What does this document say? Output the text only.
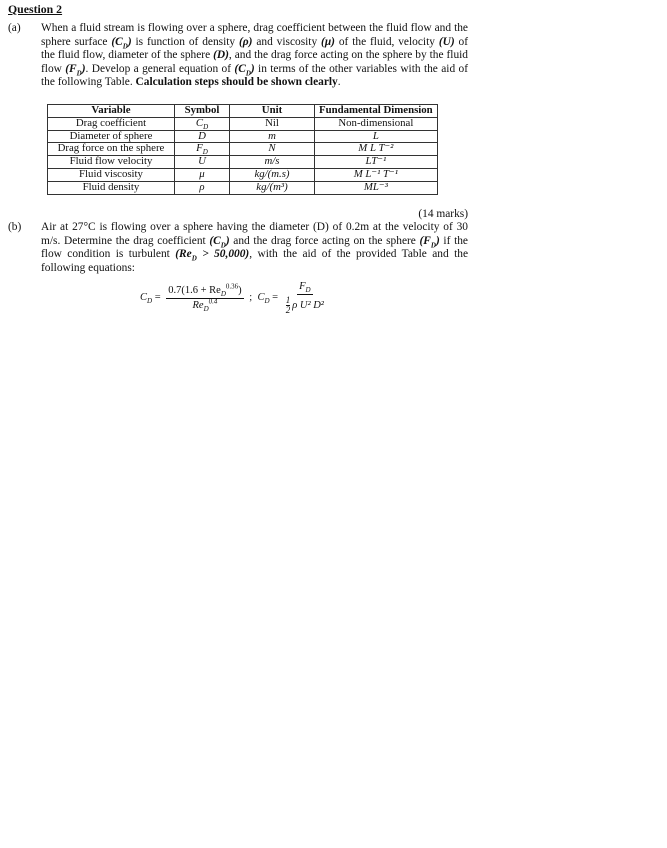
Question 2
(a) When a fluid stream is flowing over a sphere, drag coefficient between the fluid flow and the sphere surface $(C_D)$ is function of density (ρ) and viscosity (μ) of the fluid, velocity (U) of the fluid flow, diameter of the sphere (D), and the drag force acting on the sphere by the fluid flow $(F_D)$. Develop a general equation of $(C_D)$ in terms of the other variables with the aid of the following Table. Calculation steps should be shown clearly.
Variable	Symbol	Unit	Fundamental Dimension
Drag coefficient	$C_D$	Nil	Non-dimensional
Diameter of sphere	D	m	L
Drag force on the sphere	$F_D$	N	M L T⁻²
Fluid flow velocity	U	m/s	LT⁻¹
Fluid viscosity	μ	kg/(m.s)	M L⁻¹ T⁻¹
Fluid density	ρ	kg/(m³)	ML⁻³
(14 marks)
(b) Air at 27°C is flowing over a sphere having the diameter (D) of 0.2m at the velocity of 30 m/s. Determine the drag coefficient $(C_D)$ and the drag force acting on the sphere $(F_D)$ if the flow condition is turbulent $(Re_D > 50,000)$, with the aid of the provided Table and the following equations:
$C_D = \frac{0.7(1.6 + Re_D^{0.36})}{Re_D^{0.4}}$ ; $C_D = \frac{F_D}{\frac{1}{2} \rho U^2 D^2}$
